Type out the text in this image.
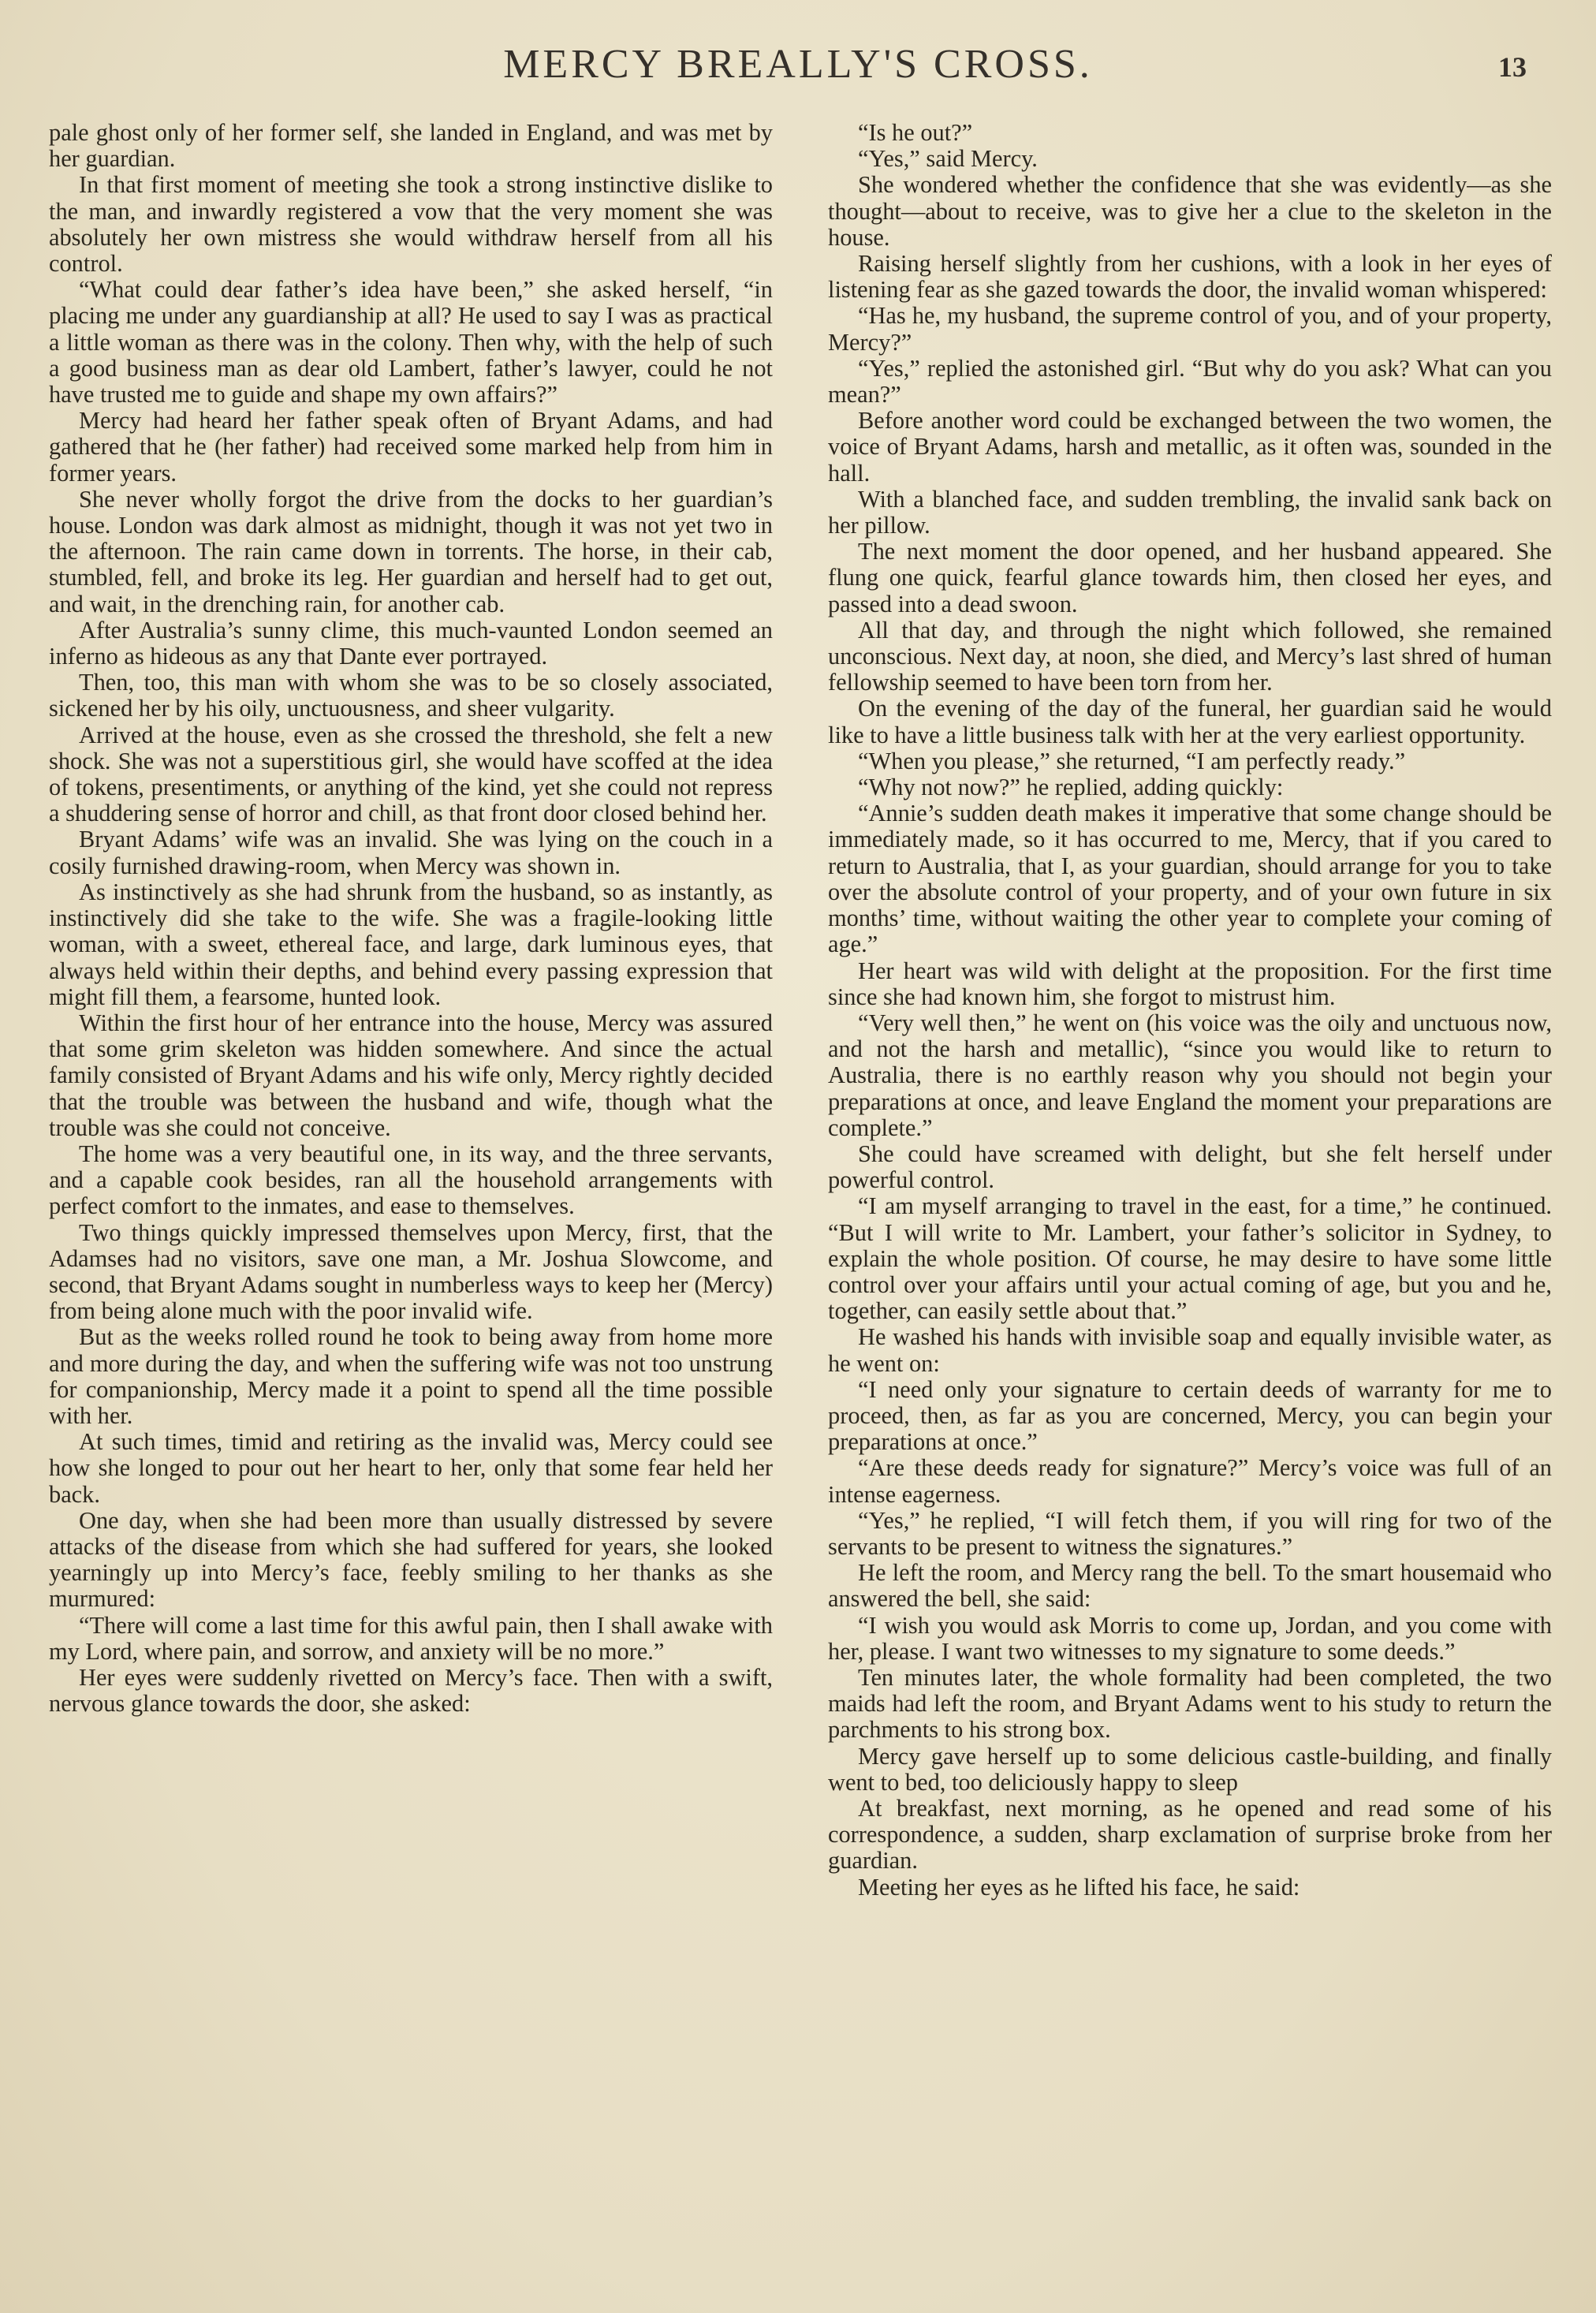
MERCY BREALLY'S CROSS.	13

pale ghost only of her former self, she landed in England, and was met by her guardian.

In that first moment of meeting she took a strong instinctive dislike to the man, and inwardly registered a vow that the very moment she was absolutely her own mistress she would withdraw herself from all his control.

“What could dear father’s idea have been,” she asked herself, “in placing me under any guardianship at all? He used to say I was as practical a little woman as there was in the colony. Then why, with the help of such a good business man as dear old Lambert, father’s lawyer, could he not have trusted me to guide and shape my own affairs?”

Mercy had heard her father speak often of Bryant Adams, and had gathered that he (her father) had received some marked help from him in former years.

She never wholly forgot the drive from the docks to her guardian’s house. London was dark almost as midnight, though it was not yet two in the afternoon. The rain came down in torrents. The horse, in their cab, stumbled, fell, and broke its leg. Her guardian and herself had to get out, and wait, in the drenching rain, for another cab.

After Australia’s sunny clime, this much-vaunted London seemed an inferno as hideous as any that Dante ever portrayed.

Then, too, this man with whom she was to be so closely associated, sickened her by his oily, unctuousness, and sheer vulgarity.

Arrived at the house, even as she crossed the threshold, she felt a new shock. She was not a superstitious girl, she would have scoffed at the idea of tokens, presentiments, or anything of the kind, yet she could not repress a shuddering sense of horror and chill, as that front door closed behind her.

Bryant Adams’ wife was an invalid. She was lying on the couch in a cosily furnished drawing-room, when Mercy was shown in.

As instinctively as she had shrunk from the husband, so as instantly, as instinctively did she take to the wife. She was a fragile-looking little woman, with a sweet, ethereal face, and large, dark luminous eyes, that always held within their depths, and behind every passing expression that might fill them, a fearsome, hunted look.

Within the first hour of her entrance into the house, Mercy was assured that some grim skeleton was hidden somewhere. And since the actual family consisted of Bryant Adams and his wife only, Mercy rightly decided that the trouble was between the husband and wife, though what the trouble was she could not conceive.

The home was a very beautiful one, in its way, and the three servants, and a capable cook besides, ran all the household arrangements with perfect comfort to the inmates, and ease to themselves.

Two things quickly impressed themselves upon Mercy, first, that the Adamses had no visitors, save one man, a Mr. Joshua Slowcome, and second, that Bryant Adams sought in numberless ways to keep her (Mercy) from being alone much with the poor invalid wife.

But as the weeks rolled round he took to being away from home more and more during the day, and when the suffering wife was not too unstrung for companionship, Mercy made it a point to spend all the time possible with her.

At such times, timid and retiring as the invalid was, Mercy could see how she longed to pour out her heart to her, only that some fear held her back.

One day, when she had been more than usually distressed by severe attacks of the disease from which she had suffered for years, she looked yearningly up into Mercy’s face, feebly smiling to her thanks as she murmured:

“There will come a last time for this awful pain, then I shall awake with my Lord, where pain, and sorrow, and anxiety will be no more.”

Her eyes were suddenly rivetted on Mercy’s face. Then with a swift, nervous glance towards the door, she asked:

“Is he out?”

“Yes,” said Mercy.

She wondered whether the confidence that she was evidently—as she thought—about to receive, was to give her a clue to the skeleton in the house.

Raising herself slightly from her cushions, with a look in her eyes of listening fear as she gazed towards the door, the invalid woman whispered:

“Has he, my husband, the supreme control of you, and of your property, Mercy?”

“Yes,” replied the astonished girl. “But why do you ask? What can you mean?”

Before another word could be exchanged between the two women, the voice of Bryant Adams, harsh and metallic, as it often was, sounded in the hall.

With a blanched face, and sudden trembling, the invalid sank back on her pillow.

The next moment the door opened, and her husband appeared. She flung one quick, fearful glance towards him, then closed her eyes, and passed into a dead swoon.

All that day, and through the night which followed, she remained unconscious. Next day, at noon, she died, and Mercy’s last shred of human fellowship seemed to have been torn from her.

On the evening of the day of the funeral, her guardian said he would like to have a little business talk with her at the very earliest opportunity.

“When you please,” she returned, “I am perfectly ready.”

“Why not now?” he replied, adding quickly:

“Annie’s sudden death makes it imperative that some change should be immediately made, so it has occurred to me, Mercy, that if you cared to return to Australia, that I, as your guardian, should arrange for you to take over the absolute control of your property, and of your own future in six months’ time, without waiting the other year to complete your coming of age.”

Her heart was wild with delight at the proposition. For the first time since she had known him, she forgot to mistrust him.

“Very well then,” he went on (his voice was the oily and unctuous now, and not the harsh and metallic), “since you would like to return to Australia, there is no earthly reason why you should not begin your preparations at once, and leave England the moment your preparations are complete.”

She could have screamed with delight, but she felt herself under powerful control.

“I am myself arranging to travel in the east, for a time,” he continued. “But I will write to Mr. Lambert, your father’s solicitor in Sydney, to explain the whole position. Of course, he may desire to have some little control over your affairs until your actual coming of age, but you and he, together, can easily settle about that.”

He washed his hands with invisible soap and equally invisible water, as he went on:

“I need only your signature to certain deeds of warranty for me to proceed, then, as far as you are concerned, Mercy, you can begin your preparations at once.”

“Are these deeds ready for signature?” Mercy’s voice was full of an intense eagerness.

“Yes,” he replied, “I will fetch them, if you will ring for two of the servants to be present to witness the signatures.”

He left the room, and Mercy rang the bell. To the smart housemaid who answered the bell, she said:

“I wish you would ask Morris to come up, Jordan, and you come with her, please. I want two witnesses to my signature to some deeds.”

Ten minutes later, the whole formality had been completed, the two maids had left the room, and Bryant Adams went to his study to return the parchments to his strong box.

Mercy gave herself up to some delicious castle-building, and finally went to bed, too deliciously happy to sleep

At breakfast, next morning, as he opened and read some of his correspondence, a sudden, sharp exclamation of surprise broke from her guardian.

Meeting her eyes as he lifted his face, he said:
